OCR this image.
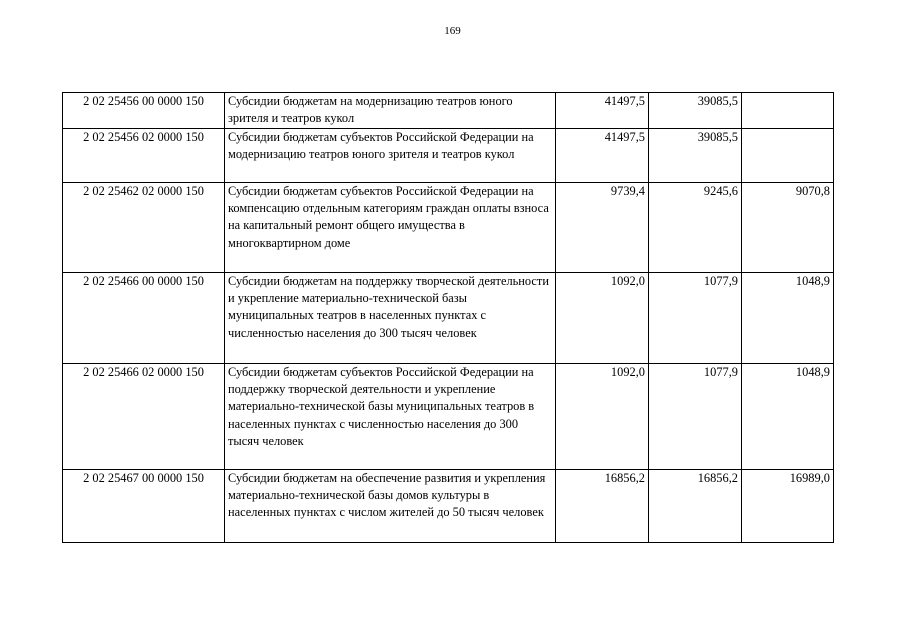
169
2 02 25456 00 0000 150	Субсидии бюджетам на модернизацию театров юного зрителя и театров кукол	41497,5	39085,5	
2 02 25456 02 0000 150	Субсидии бюджетам субъектов Российской Федерации на модернизацию театров юного зрителя и театров кукол	41497,5	39085,5	
2 02 25462 02 0000 150	Субсидии бюджетам субъектов Российской Федерации на компенсацию отдельным категориям граждан оплаты взноса на капитальный ремонт общего имущества в многоквартирном доме	9739,4	9245,6	9070,8
2 02 25466 00 0000 150	Субсидии бюджетам на поддержку творческой деятельности и укрепление материально-технической базы муниципальных театров в населенных пунктах с численностью населения до 300 тысяч человек	1092,0	1077,9	1048,9
2 02 25466 02 0000 150	Субсидии бюджетам субъектов Российской Федерации на поддержку творческой деятельности и укрепление материально-технической базы муниципальных театров в населенных пунктах с численностью населения до 300 тысяч человек	1092,0	1077,9	1048,9
2 02 25467 00 0000 150	Субсидии бюджетам на обеспечение развития и укрепления материально-технической базы домов культуры в населенных пунктах с числом жителей до 50 тысяч человек	16856,2	16856,2	16989,0
